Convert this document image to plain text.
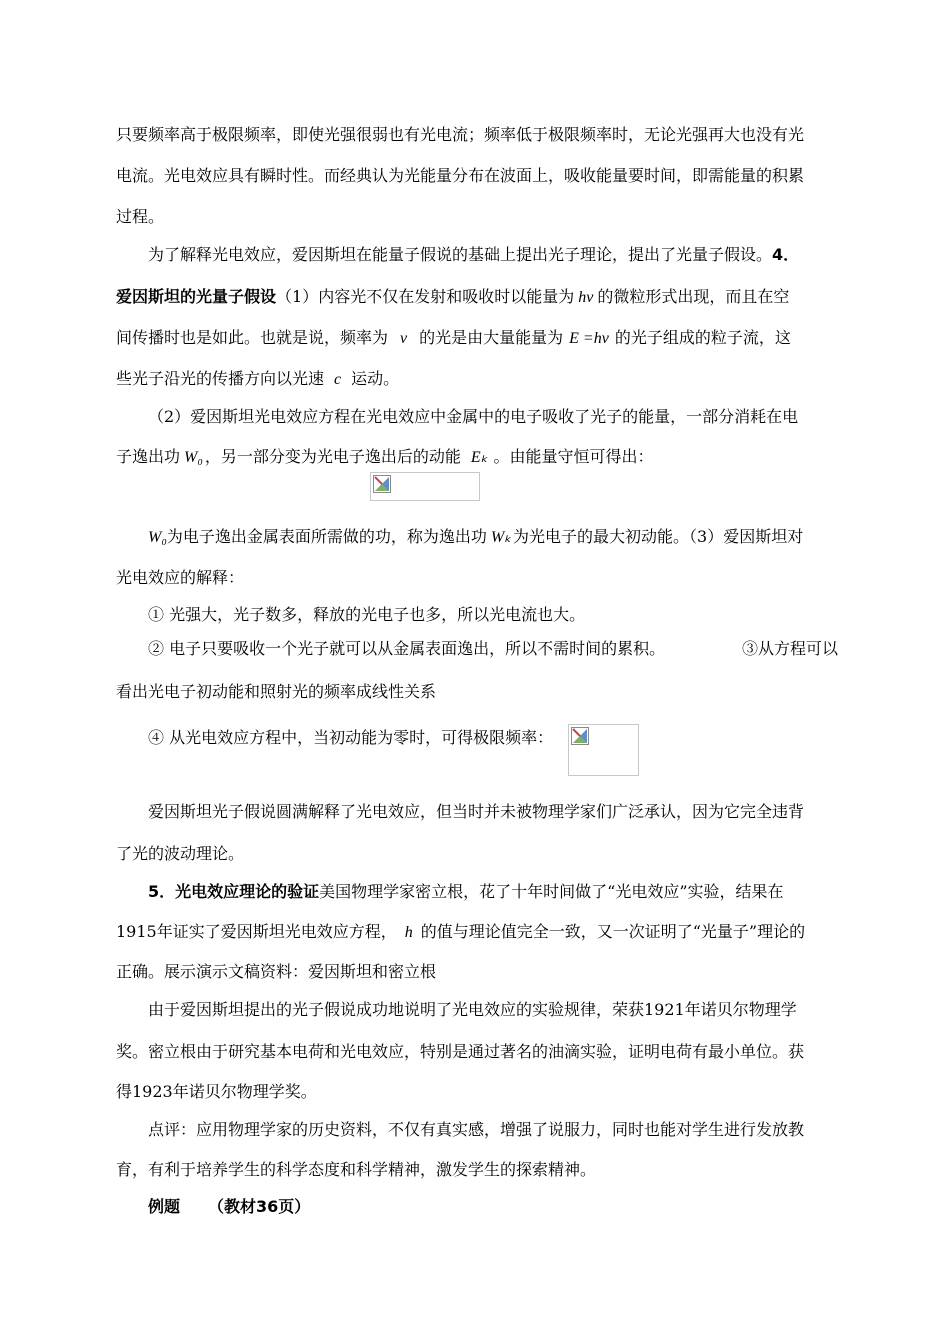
只要频率高于极限频率，即使光强很弱也有光电流；频率低于极限频率时，无论光强再大也没有光
电流。光电效应具有瞬时性。而经典认为光能量分布在波面上，吸收能量要时间，即需能量的积累
过程。
为了解释光电效应，爱因斯坦在能量子假说的基础上提出光子理论，提出了光量子假设。4．
爱因斯坦的光量子假设（1）内容光不仅在发射和吸收时以能量为 hν 的微粒形式出现，而且在空
间传播时也是如此。也就是说，频率为 ν 的光是由大量能量为 E =hν 的光子组成的粒子流，这
些光子沿光的传播方向以光速 c 运动。
（2）爱因斯坦光电效应方程在光电效应中金属中的电子吸收了光子的能量，一部分消耗在电
子逸出功 W₀ ，另一部分变为光电子逸出后的动能 Eₖ 。由能量守恒可得出：
W₀为电子逸出金属表面所需做的功，称为逸出功 Wₖ 为光电子的最大初动能。（3）爱因斯坦对
光电效应的解释：
① 光强大，光子数多，释放的光电子也多，所以光电流也大。
② 电子只要吸收一个光子就可以从金属表面逸出，所以不需时间的累积。	③从方程可以
看出光电子初动能和照射光的频率成线性关系
④ 从光电效应方程中，当初动能为零时，可得极限频率：
爱因斯坦光子假说圆满解释了光电效应，但当时并未被物理学家们广泛承认，因为它完全违背
了光的波动理论。
5．光电效应理论的验证美国物理学家密立根，花了十年时间做了“光电效应”实验，结果在
1915年证实了爱因斯坦光电效应方程， h 的值与理论值完全一致，又一次证明了“光量子”理论的
正确。展示演示文稿资料：爱因斯坦和密立根
由于爱因斯坦提出的光子假说成功地说明了光电效应的实验规律，荣获1921年诺贝尔物理学
奖。密立根由于研究基本电荷和光电效应，特别是通过著名的油滴实验，证明电荷有最小单位。获
得1923年诺贝尔物理学奖。
点评：应用物理学家的历史资料，不仅有真实感，增强了说服力，同时也能对学生进行发放教
育，有利于培养学生的科学态度和科学精神，激发学生的探索精神。
例题 （教材36页）
